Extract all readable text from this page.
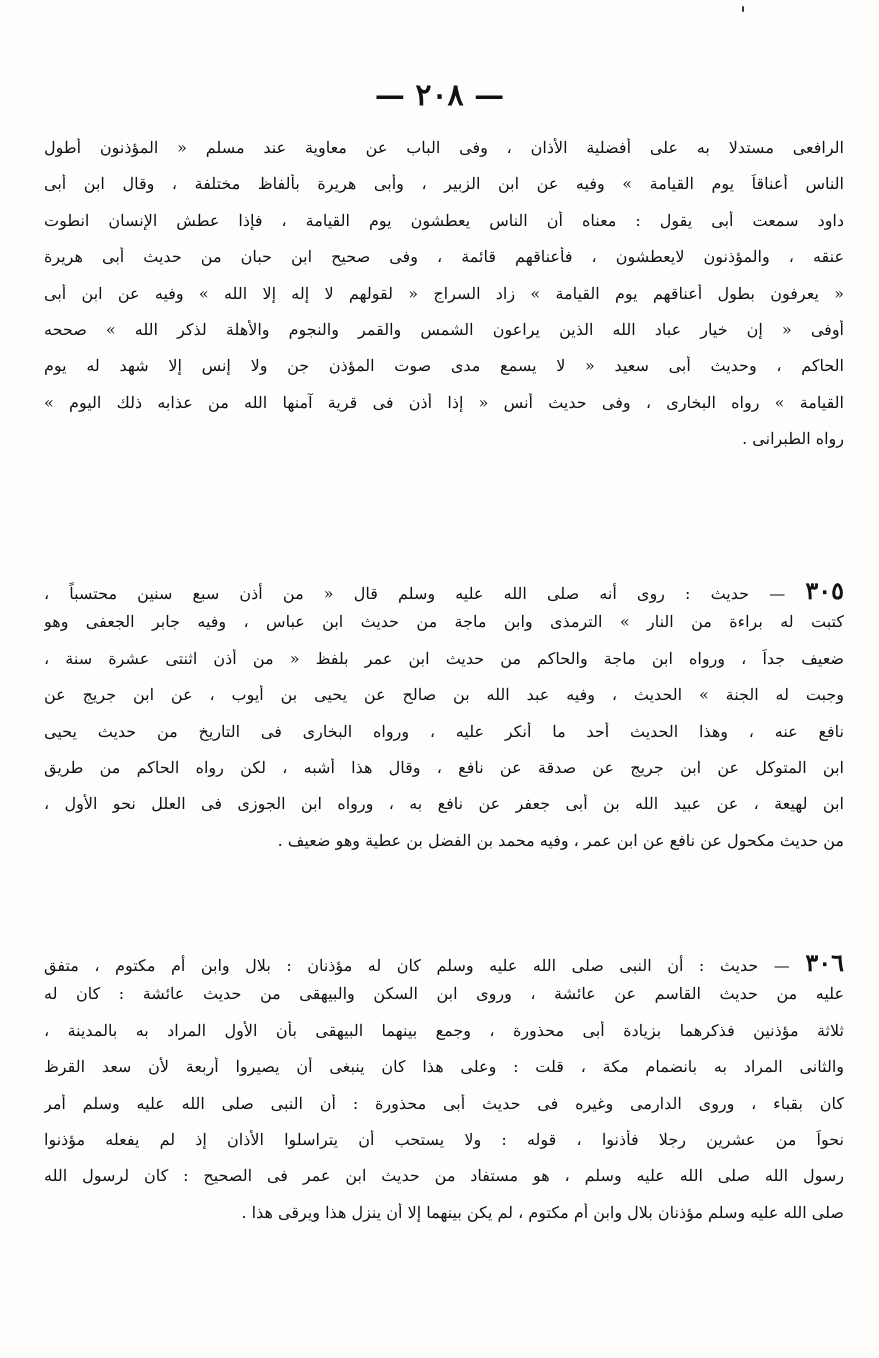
— ٢٠٨ —
الرافعى مستدلا به على أفضلية الأذان ، وفى الباب عن معاوية عند مسلم « المؤذنون أطول
الناس أعناقاً يوم القيامة » وفيه عن ابن الزبير ، وأبى هريرة بألفاظ مختلفة ، وقال ابن أبى
داود سمعت أبى يقول : معناه أن الناس يعطشون يوم القيامة ، فإذا عطش الإنسان انطوت
عنقه ، والمؤذنون لايعطشون ، فأعناقهم قائمة ، وفى صحيح ابن حبان من حديث أبى هريرة
« يعرفون بطول أعناقهم يوم القيامة » زاد السراج « لقولهم لا إله إلا الله » وفيه عن ابن أبى
أوفى « إن خيار عباد الله الذين يراعون الشمس والقمر والنجوم والأهلة لذكر الله » صححه
الحاكم ، وحديث أبى سعيد « لا يسمع مدى صوت المؤذن جن ولا إنس إلا شهد له يوم
القيامة » رواه البخارى ، وفى حديث أنس « إذا أذن فى قرية آمنها الله من عذابه ذلك اليوم »
رواه الطبرانى .
٣٠٥ — حديث : روى أنه صلى الله عليه وسلم قال « من أذن سبع سنين محتسباً ،
كتبت له براءة من النار » الترمذى وابن ماجة من حديث ابن عباس ، وفيه جابر الجعفى وهو
ضعيف جداً ، ورواه ابن ماجة والحاكم من حديث ابن عمر بلفظ « من أذن اثنتى عشرة سنة ،
وجبت له الجنة » الحديث ، وفيه عبد الله بن صالح عن يحيى بن أيوب ، عن ابن جريج عن
نافع عنه ، وهذا الحديث أحد ما أنكر عليه ، ورواه البخارى فى التاريخ من حديث يحيى
ابن المتوكل عن ابن جريج عن صدقة عن نافع ، وقال هذا أشبه ، لكن رواه الحاكم من طريق
ابن لهيعة ، عن عبيد الله بن أبى جعفر عن نافع به ، ورواه ابن الجوزى فى العلل نحو الأول ،
من حديث مكحول عن نافع عن ابن عمر ، وفيه محمد بن الفضل بن عطية وهو ضعيف .
٣٠٦ — حديث : أن النبى صلى الله عليه وسلم كان له مؤذنان : بلال وابن أم مكتوم ، متفق
عليه من حديث القاسم عن عائشة ، وروى ابن السكن والبيهقى من حديث عائشة : كان له
ثلاثة مؤذنين فذكرهما بزيادة أبى محذورة ، وجمع بينهما البيهقى بأن الأول المراد به بالمدينة ،
والثانى المراد به بانضمام مكة ، قلت : وعلى هذا كان ينبغى أن يصيروا أربعة لأن سعد القرظ
كان بقباء ، وروى الدارمى وغيره فى حديث أبى محذورة : أن النبى صلى الله عليه وسلم أمر
نحواً من عشرين رجلا فأذنوا ، قوله : ولا يستحب أن يتراسلوا الأذان إذ لم يفعله مؤذنوا
رسول الله صلى الله عليه وسلم ، هو مستفاد من حديث ابن عمر فى الصحيح : كان لرسول الله
صلى الله عليه وسلم مؤذنان بلال وابن أم مكتوم ، لم يكن بينهما إلا أن ينزل هذا ويرقى هذا .
